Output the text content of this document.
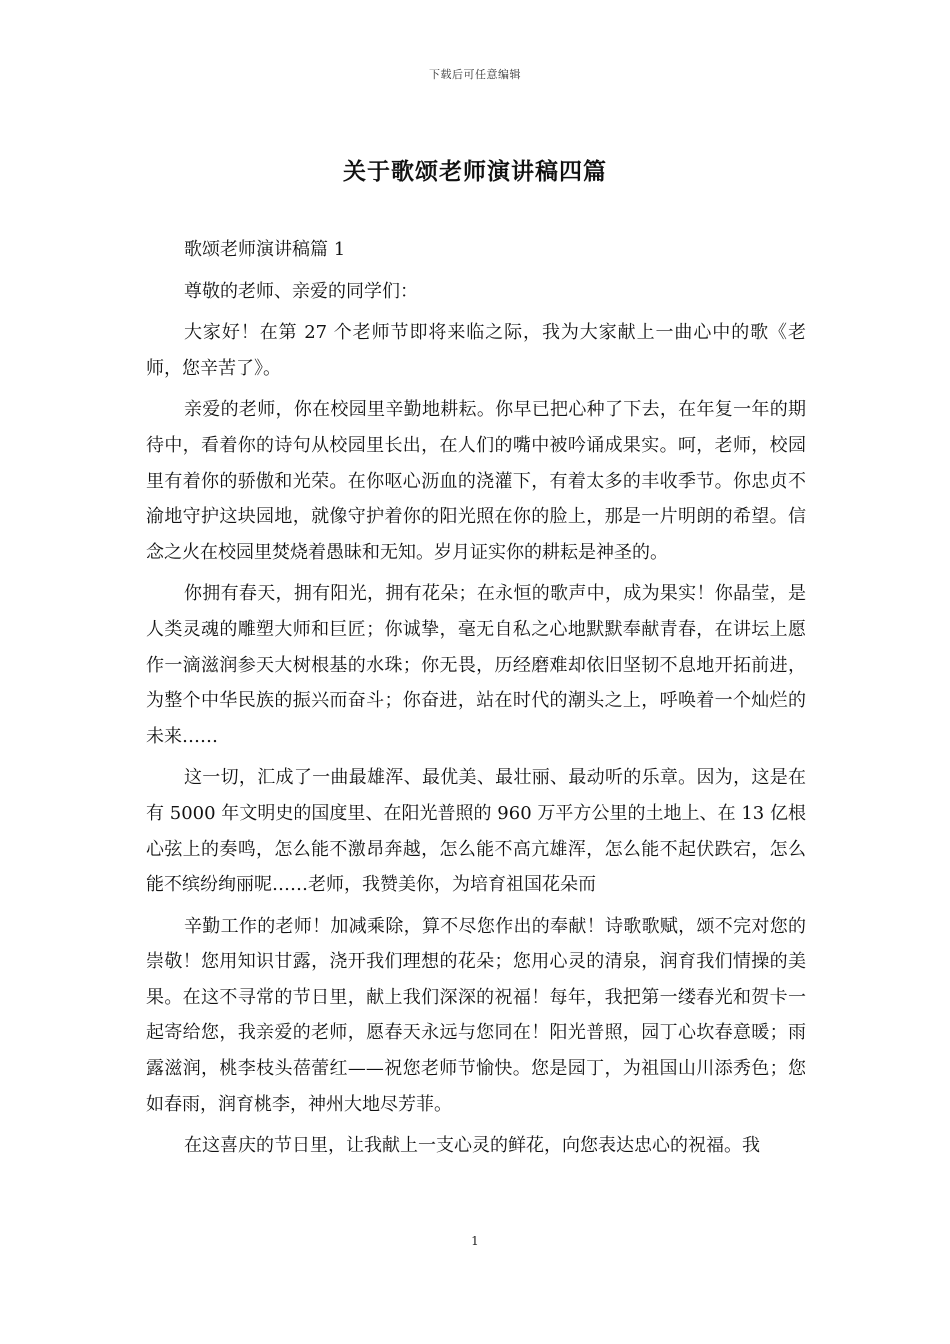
下载后可任意编辑
关于歌颂老师演讲稿四篇

歌颂老师演讲稿篇 1

尊敬的老师、亲爱的同学们：

大家好！在第 27 个老师节即将来临之际，我为大家献上一曲心中的歌《老师，您辛苦了》。

亲爱的老师，你在校园里辛勤地耕耘。你早已把心种了下去，在年复一年的期待中，看着你的诗句从校园里长出，在人们的嘴中被吟诵成果实。呵，老师，校园里有着你的骄傲和光荣。在你呕心沥血的浇灌下，有着太多的丰收季节。你忠贞不渝地守护这块园地，就像守护着你的阳光照在你的脸上，那是一片明朗的希望。信念之火在校园里焚烧着愚昧和无知。岁月证实你的耕耘是神圣的。

你拥有春天，拥有阳光，拥有花朵；在永恒的歌声中，成为果实！你晶莹，是人类灵魂的雕塑大师和巨匠；你诚挚，毫无自私之心地默默奉献青春，在讲坛上愿作一滴滋润参天大树根基的水珠；你无畏，历经磨难却依旧坚韧不息地开拓前进，为整个中华民族的振兴而奋斗；你奋进，站在时代的潮头之上，呼唤着一个灿烂的未来……

这一切，汇成了一曲最雄浑、最优美、最壮丽、最动听的乐章。因为，这是在有 5000 年文明史的国度里、在阳光普照的 960 万平方公里的土地上、在 13 亿根心弦上的奏鸣，怎么能不激昂奔越，怎么能不高亢雄浑，怎么能不起伏跌宕，怎么能不缤纷绚丽呢……老师，我赞美你，为培育祖国花朵而

辛勤工作的老师！加减乘除，算不尽您作出的奉献！诗歌歌赋，颂不完对您的崇敬！您用知识甘露，浇开我们理想的花朵；您用心灵的清泉，润育我们情操的美果。在这不寻常的节日里，献上我们深深的祝福！每年，我把第一缕春光和贺卡一起寄给您，我亲爱的老师，愿春天永远与您同在！阳光普照，园丁心坎春意暖；雨露滋润，桃李枝头蓓蕾红——祝您老师节愉快。您是园丁，为祖国山川添秀色；您如春雨，润育桃李，神州大地尽芳菲。

在这喜庆的节日里，让我献上一支心灵的鲜花，向您表达忠心的祝福。我

1
